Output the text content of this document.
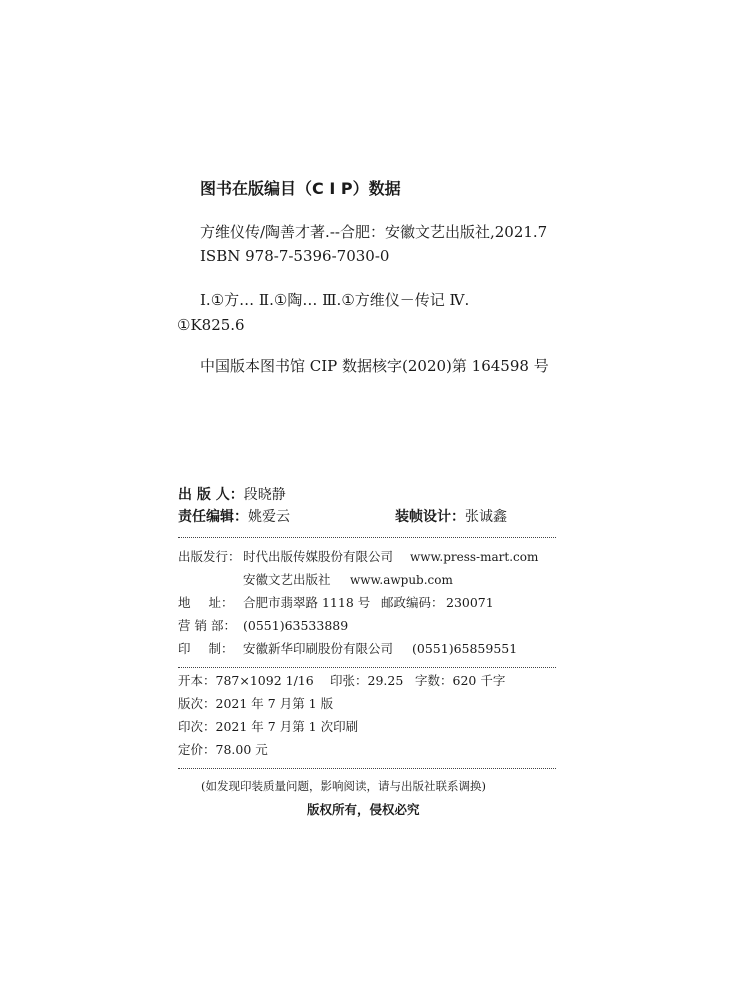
图书在版编目（C I P）数据
方维仪传/陶善才著.--合肥：安徽文艺出版社,2021.7
ISBN 978-7-5396-7030-0
Ⅰ.①方… Ⅱ.①陶… Ⅲ.①方维仪－传记 Ⅳ.
①K825.6
中国版本图书馆 CIP 数据核字(2020)第 164598 号
出 版 人：段晓静
责任编辑：姚爱云	装帧设计：张诚鑫
出版发行： 时代出版传媒股份有限公司 www.press-mart.com
安徽文艺出版社 www.awpub.com
地 址： 合肥市翡翠路 1118 号 邮政编码： 230071
营 销 部： (0551)63533889
印 制： 安徽新华印刷股份有限公司 (0551)65859551
开本：787×1092 1/16 印张：29.25 字数：620 千字
版次：2021 年 7 月第 1 版
印次：2021 年 7 月第 1 次印刷
定价：78.00 元
(如发现印装质量问题，影响阅读，请与出版社联系调换)
版权所有，侵权必究
